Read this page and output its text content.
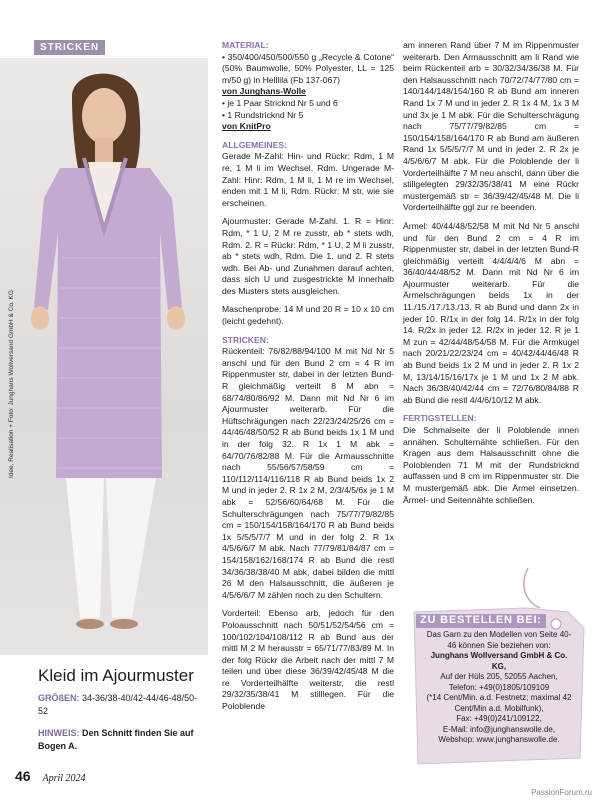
STRICKEN
Idee, Realisation + Foto: Junghans Wollversand GmbH & Co. KG
Kleid im Ajourmuster
GRÖßEN: 34-36/38-40/42-44/46-48/50-52
HINWEIS: Den Schnitt finden Sie auf Bogen A.
46 April 2024
PassionForum.ru
MATERIAL:

• 350/400/450/500/550 g „Recycle & Cotone“ (50% Baumwolle, 50% Polyester, LL = 125 m/50 g) in Helllila (Fb 137-067)
von Junghans-Wolle
• je 1 Paar Stricknd Nr 5 und 6
• 1 Rundstricknd Nr 5
von KnitPro

ALLGEMEINES:

Gerade M-Zahl: Hin- und Rückr: Rdm, 1 M re, 1 M li im Wechsel, Rdm. Ungerade M-Zahl: Hinr: Rdm, 1 M li, 1 M re im Wechsel, enden mit 1 M li, Rdm. Rückr: M str, wie sie erscheinen.

Ajourmuster: Gerade M-Zahl. 1. R = Hinr: Rdm, * 1 U, 2 M re zusstr, ab * stets wdh, Rdm. 2. R = Rückr: Rdm, * 1 U, 2 M li zusstr, ab * stets wdh, Rdm. Die 1. und 2. R stets wdh. Bei Ab- und Zunahmen darauf achten, dass sich U und zusgestrickte M innerhalb des Musters stets ausgleichen.

Maschenprobe: 14 M und 20 R = 10 x 10 cm (leicht gedehnt).

STRICKEN:

Rückenteil: 76/82/88/94/100 M mit Nd Nr 5 anschl und für den Bund 2 cm = 4 R im Rippenmuster str, dabei in der letzten Bund-R gleichmäßig verteilt 8 M abn = 68/74/80/86/92 M. Dann mit Nd Nr 6 im Ajourmuster weiterarb. Für die Hüftschrägungen nach 22/23/24/25/26 cm = 44/46/48/50/52 R ab Bund beids 1x 1 M und in der folg 32. R 1x 1 M abk = 64/70/76/82/88 M. Für die Armausschnitte nach 55/56/57/58/59 cm = 110/112/114/116/118 R ab Bund beids 1x 2 M und in jeder 2. R 1x 2 M, 2/3/4/5/6x je 1 M abk = 52/56/60/64/68 M. Für die Schulterschrägungen nach 75/77/79/82/85 cm = 150/154/158/164/170 R ab Bund beids 1x 5/5/5/7/7 M und in der folg 2. R 1x 4/5/6/6/7 M abk. Nach 77/79/81/84/87 cm = 154/158/162/168/174 R ab Bund die restl 34/36/38/38/40 M abk, dabei bilden die mittl 26 M den Halsausschnitt, die äußeren je 4/5/6/6/7 M zählen noch zu den Schultern.

Vorderteil: Ebenso arb, jedoch für den Poloausschnitt nach 50/51/52/54/56 cm = 100/102/104/108/112 R ab Bund aus der mittl M 2 M herausstr = 65/71/77/83/89 M. In der folg Rückr die Arbeit nach der mittl 7 M teilen und über diese 36/39/42/45/48 M die re Vorderteilhälfte weiterstr, die restl 29/32/35/38/41 M stilllegen. Für die Poloblende

am inneren Rand über 7 M im Rippenmuster weiterarb. Den Armausschnitt am li Rand wie beim Rückenteil arb = 30/32/34/36/38 M. Für den Halsausschnitt nach 70/72/74/77/80 cm = 140/144/148/154/160 R ab Bund am inneren Rand 1x 7 M und in jeder 2. R 1x 4 M, 1x 3 M und 3x je 1 M abk. Für die Schulterschrägung nach 75/77/79/82/85 cm = 150/154/158/164/170 R ab Bund am äußeren Rand 1x 5/5/5/7/7 M und in jeder 2. R 2x je 4/5/6/6/7 M abk. Für die Poloblende der li Vorderteilhälfte 7 M neu anschl, dann über die stillgelegten 29/32/35/38/41 M eine Rückr mustergemäß str = 36/39/42/45/48 M. Die li Vorderteilhälfte ggl zur re beenden.

Ärmel: 40/44/48/52/58 M mit Nd Nr 5 anschl und für den Bund 2 cm = 4 R im Rippenmuster str, dabei in der letzten Bund-R gleichmäßig verteilt 4/4/4/4/6 M abn = 36/40/44/48/52 M. Dann mit Nd Nr 6 im Ajourmuster weiterarb. Für die Ärmelschrägungen beids 1x in der 11./15./17./13./13. R ab Bund und dann 2x in jeder 10. R/1x in der folg 14. R/1x in der folg 14. R/2x in jeder 12. R/2x in jeder 12. R je 1 M zun = 42/44/48/54/58 M. Für die Armkugel nach 20/21/22/23/24 cm = 40/42/44/46/48 R ab Bund beids 1x 2 M und in jeder 2. R 1x 2 M, 13/14/15/16/17x je 1 M und 1x 2 M abk. Nach 36/38/40/42/44 cm = 72/76/80/84/88 R ab Bund die restl 4/4/6/10/12 M abk.

FERTIGSTELLEN:

Die Schmalseite der li Poloblende innen annähen. Schulternähte schließen. Für den Kragen aus dem Halsausschnitt ohne die Poloblenden 71 M mit der Rundstricknd auffassen und 8 cm im Rippenmuster str. Die M mustergemäß abk. Die Ärmel einsetzen. Ärmel- und Seitennähte schließen.

ZU BESTELLEN BEI:
Das Garn zu den Modellen von Seite 40-46 können Sie beziehen von:
Junghans Wollversand GmbH & Co. KG,
Auf der Hüls 205, 52055 Aachen,
Telefon: +49(0)1805/109109
(*14 Cent/Min. a.d. Festnetz; maximal 42 Cent/Min a.d. Mobilfunk),
Fax: +49(0)241/109122,
E-Mail: info@junghanswolle.de,
Webshop: www.junghanswolle.de.
